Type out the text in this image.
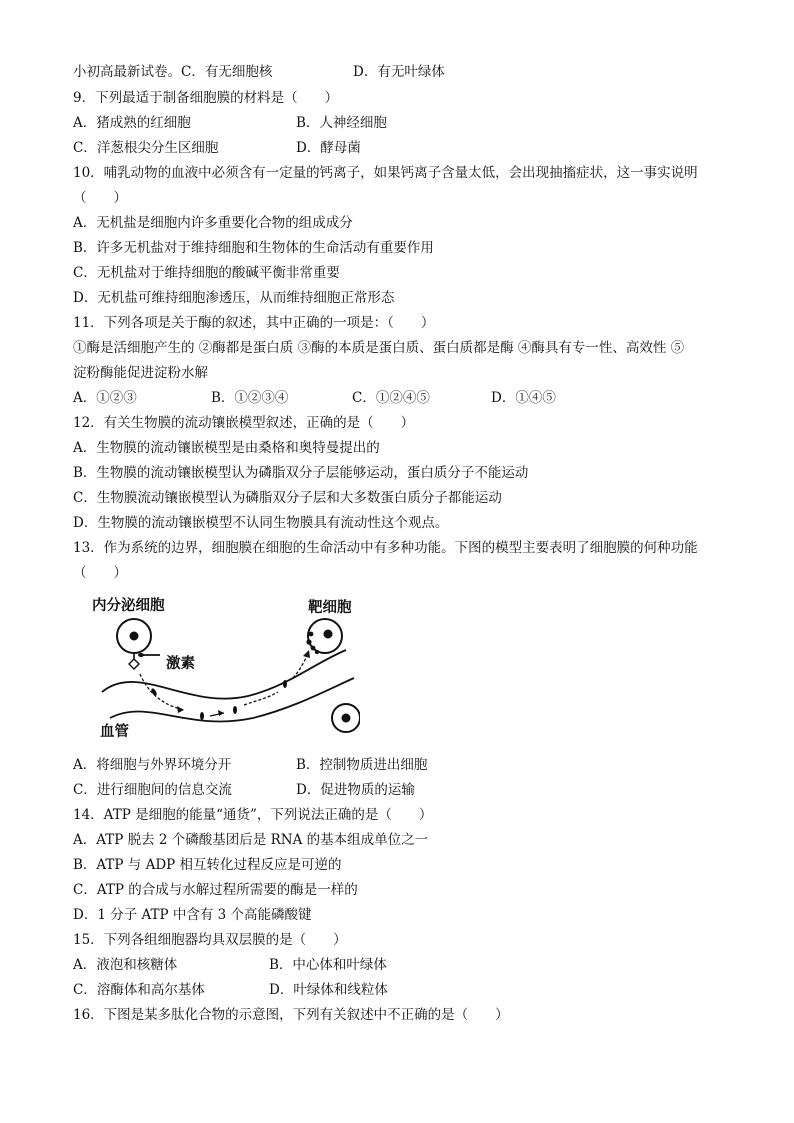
小初高最新试卷。C．有无细胞核	D．有无叶绿体
9．下列最适于制备细胞膜的材料是（　　）
A．猪成熟的红细胞	B．人神经细胞
C．洋葱根尖分生区细胞	D．酵母菌
10．哺乳动物的血液中必须含有一定量的钙离子，如果钙离子含量太低，会出现抽搐症状，这一事实说明
（　　）
A．无机盐是细胞内许多重要化合物的组成成分
B．许多无机盐对于维持细胞和生物体的生命活动有重要作用
C．无机盐对于维持细胞的酸碱平衡非常重要
D．无机盐可维持细胞渗透压，从而维持细胞正常形态
11．下列各项是关于酶的叙述，其中正确的一项是：（　　）
①酶是活细胞产生的 ②酶都是蛋白质 ③酶的本质是蛋白质、蛋白质都是酶 ④酶具有专一性、高效性 ⑤
淀粉酶能促进淀粉水解
A．①②③	B．①②③④	C．①②④⑤	D．①④⑤
12．有关生物膜的流动镶嵌模型叙述，正确的是（　　）
A．生物膜的流动镶嵌模型是由桑格和奥特曼提出的
B．生物膜的流动镶嵌模型认为磷脂双分子层能够运动，蛋白质分子不能运动
C．生物膜流动镶嵌模型认为磷脂双分子层和大多数蛋白质分子都能运动
D．生物膜的流动镶嵌模型不认同生物膜具有流动性这个观点。
13．作为系统的边界，细胞膜在细胞的生命活动中有多种功能。下图的模型主要表明了细胞膜的何种功能
（　　）
内分泌细胞	靶细胞
激素
血管
A．将细胞与外界环境分开	B．控制物质进出细胞
C．进行细胞间的信息交流	D．促进物质的运输
14．ATP 是细胞的能量“通货”，下列说法正确的是（　　）
A．ATP 脱去 2 个磷酸基团后是 RNA 的基本组成单位之一
B．ATP 与 ADP 相互转化过程反应是可逆的
C．ATP 的合成与水解过程所需要的酶是一样的
D．1 分子 ATP 中含有 3 个高能磷酸键
15．下列各组细胞器均具双层膜的是（　　）
A．液泡和核糖体	B．中心体和叶绿体
C．溶酶体和高尔基体	D．叶绿体和线粒体
16．下图是某多肽化合物的示意图，下列有关叙述中不正确的是（　　）
